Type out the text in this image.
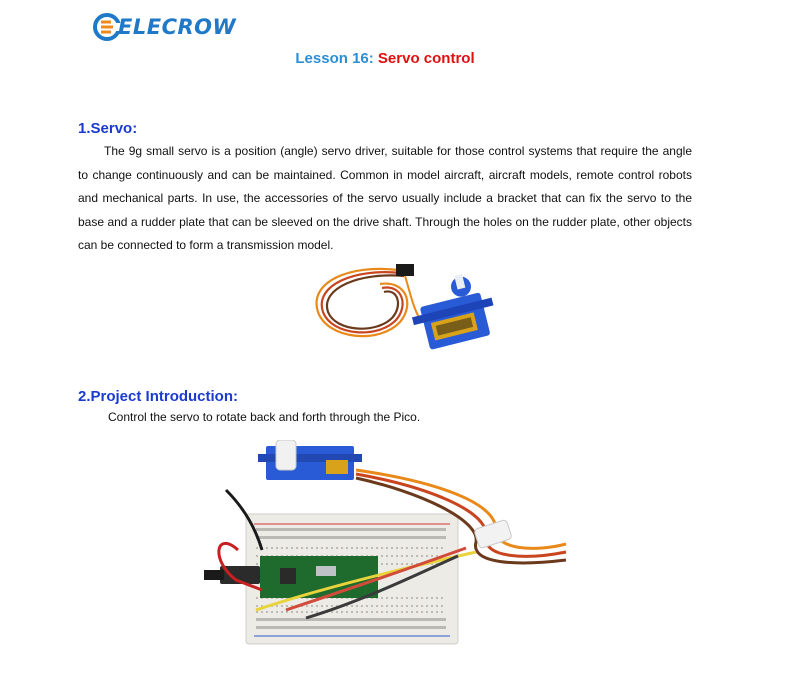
ELECROW
Lesson 16: Servo control
1.Servo:
The 9g small servo is a position (angle) servo driver, suitable for those control systems that require the angle to change continuously and can be maintained. Common in model aircraft, aircraft models, remote control robots and mechanical parts. In use, the accessories of the servo usually include a bracket that can fix the servo to the base and a rudder plate that can be sleeved on the drive shaft. Through the holes on the rudder plate, other objects can be connected to form a transmission model.
2.Project Introduction:
Control the servo to rotate back and forth through the Pico.
